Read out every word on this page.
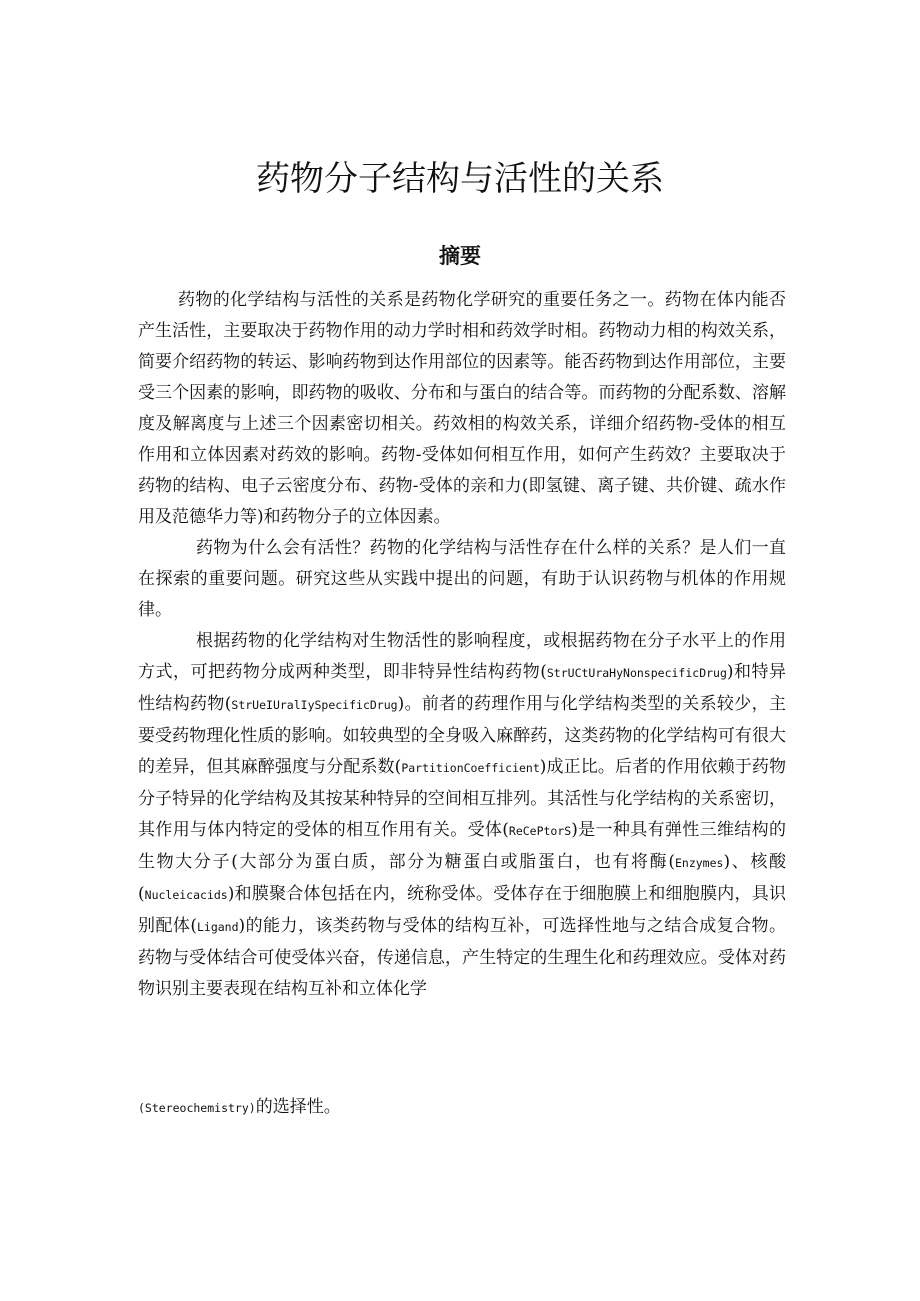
药物分子结构与活性的关系
摘要

药物的化学结构与活性的关系是药物化学研究的重要任务之一。药物在体内能否产生活性，主要取决于药物作用的动力学时相和药效学时相。药物动力相的构效关系，简要介绍药物的转运、影响药物到达作用部位的因素等。能否药物到达作用部位，主要受三个因素的影响，即药物的吸收、分布和与蛋白的结合等。而药物的分配系数、溶解度及解离度与上述三个因素密切相关。药效相的构效关系，详细介绍药物-受体的相互作用和立体因素对药效的影响。药物-受体如何相互作用，如何产生药效？主要取决于药物的结构、电子云密度分布、药物-受体的亲和力(即氢键、离子键、共价键、疏水作用及范德华力等)和药物分子的立体因素。

药物为什么会有活性？药物的化学结构与活性存在什么样的关系？是人们一直在探索的重要问题。研究这些从实践中提出的问题，有助于认识药物与机体的作用规律。

根据药物的化学结构对生物活性的影响程度，或根据药物在分子水平上的作用方式，可把药物分成两种类型，即非特异性结构药物(StrUCtUraHyNonspecificDrug)和特异性结构药物(StrUeIUralIySpecificDrug)。前者的药理作用与化学结构类型的关系较少，主要受药物理化性质的影响。如较典型的全身吸入麻醉药，这类药物的化学结构可有很大的差异，但其麻醉强度与分配系数(PartitionCoefficient)成正比。后者的作用依赖于药物分子特异的化学结构及其按某种特异的空间相互排列。其活性与化学结构的关系密切，其作用与体内特定的受体的相互作用有关。受体(ReCePtorS)是一种具有弹性三维结构的生物大分子(大部分为蛋白质，部分为糖蛋白或脂蛋白，也有将酶(Enzymes)、核酸(Nucleicacids)和膜聚合体包括在内，统称受体。受体存在于细胞膜上和细胞膜内，具识别配体(Ligand)的能力，该类药物与受体的结构互补，可选择性地与之结合成复合物。药物与受体结合可使受体兴奋，传递信息，产生特定的生理生化和药理效应。受体对药物识别主要表现在结构互补和立体化学

(Stereochemistry)的选择性。
